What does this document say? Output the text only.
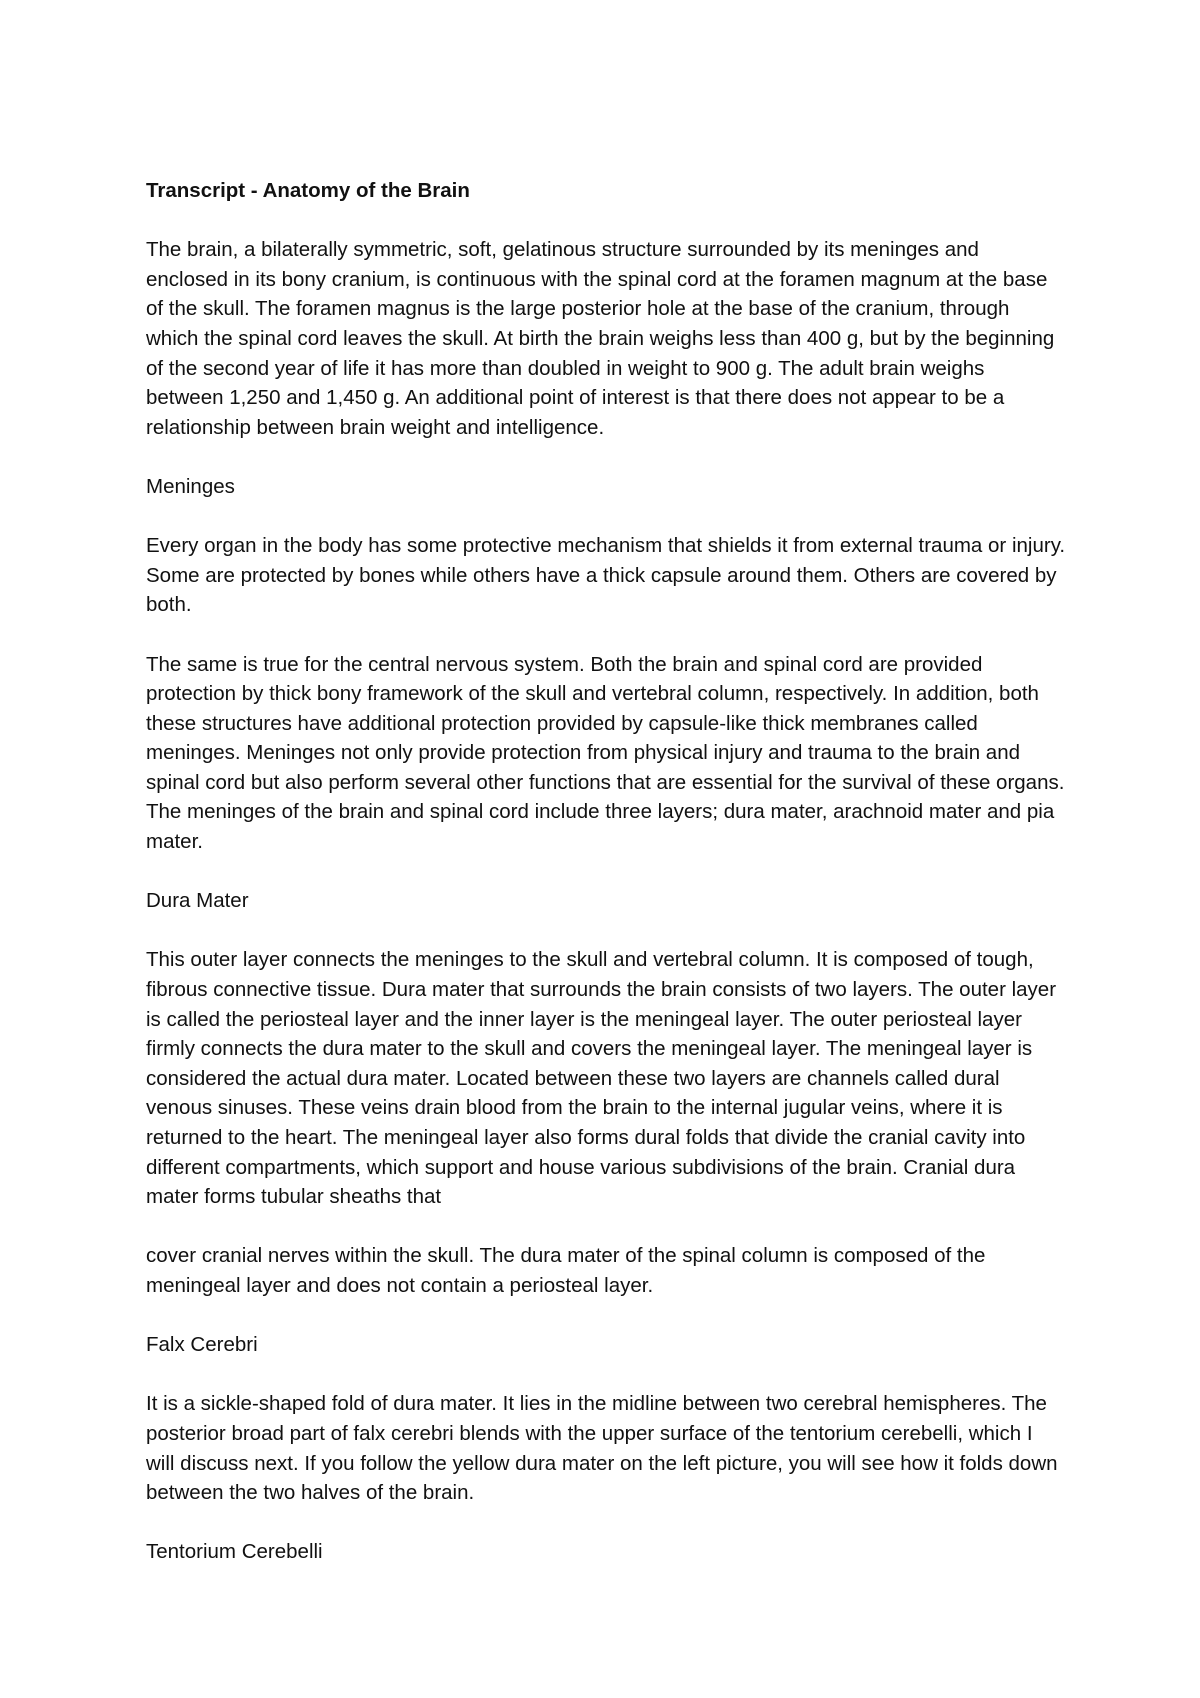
Transcript - Anatomy of the Brain
The brain, a bilaterally symmetric, soft, gelatinous structure surrounded by its meninges and enclosed in its bony cranium, is continuous with the spinal cord at the foramen magnum at the base of the skull. The foramen magnus is the large posterior hole at the base of the cranium, through which the spinal cord leaves the skull. At birth the brain weighs less than 400 g, but by the beginning of the second year of life it has more than doubled in weight to 900 g. The adult brain weighs between 1,250 and 1,450 g. An additional point of interest is that there does not appear to be a relationship between brain weight and intelligence.
Meninges
Every organ in the body has some protective mechanism that shields it from external trauma or injury. Some are protected by bones while others have a thick capsule around them. Others are covered by both.
The same is true for the central nervous system. Both the brain and spinal cord are provided protection by thick bony framework of the skull and vertebral column, respectively. In addition, both these structures have additional protection provided by capsule-like thick membranes called meninges. Meninges not only provide protection from physical injury and trauma to the brain and spinal cord but also perform several other functions that are essential for the survival of these organs. The meninges of the brain and spinal cord include three layers; dura mater, arachnoid mater and pia mater.
Dura Mater
This outer layer connects the meninges to the skull and vertebral column. It is composed of tough, fibrous connective tissue. Dura mater that surrounds the brain consists of two layers. The outer layer is called the periosteal layer and the inner layer is the meningeal layer. The outer periosteal layer firmly connects the dura mater to the skull and covers the meningeal layer. The meningeal layer is considered the actual dura mater. Located between these two layers are channels called dural venous sinuses. These veins drain blood from the brain to the internal jugular veins, where it is returned to the heart. The meningeal layer also forms dural folds that divide the cranial cavity into different compartments, which support and house various subdivisions of the brain. Cranial dura mater forms tubular sheaths that
cover cranial nerves within the skull. The dura mater of the spinal column is composed of the meningeal layer and does not contain a periosteal layer.
Falx Cerebri
It is a sickle-shaped fold of dura mater. It lies in the midline between two cerebral hemispheres. The posterior broad part of falx cerebri blends with the upper surface of the tentorium cerebelli, which I will discuss next. If you follow the yellow dura mater on the left picture, you will see how it folds down between the two halves of the brain.
Tentorium Cerebelli
